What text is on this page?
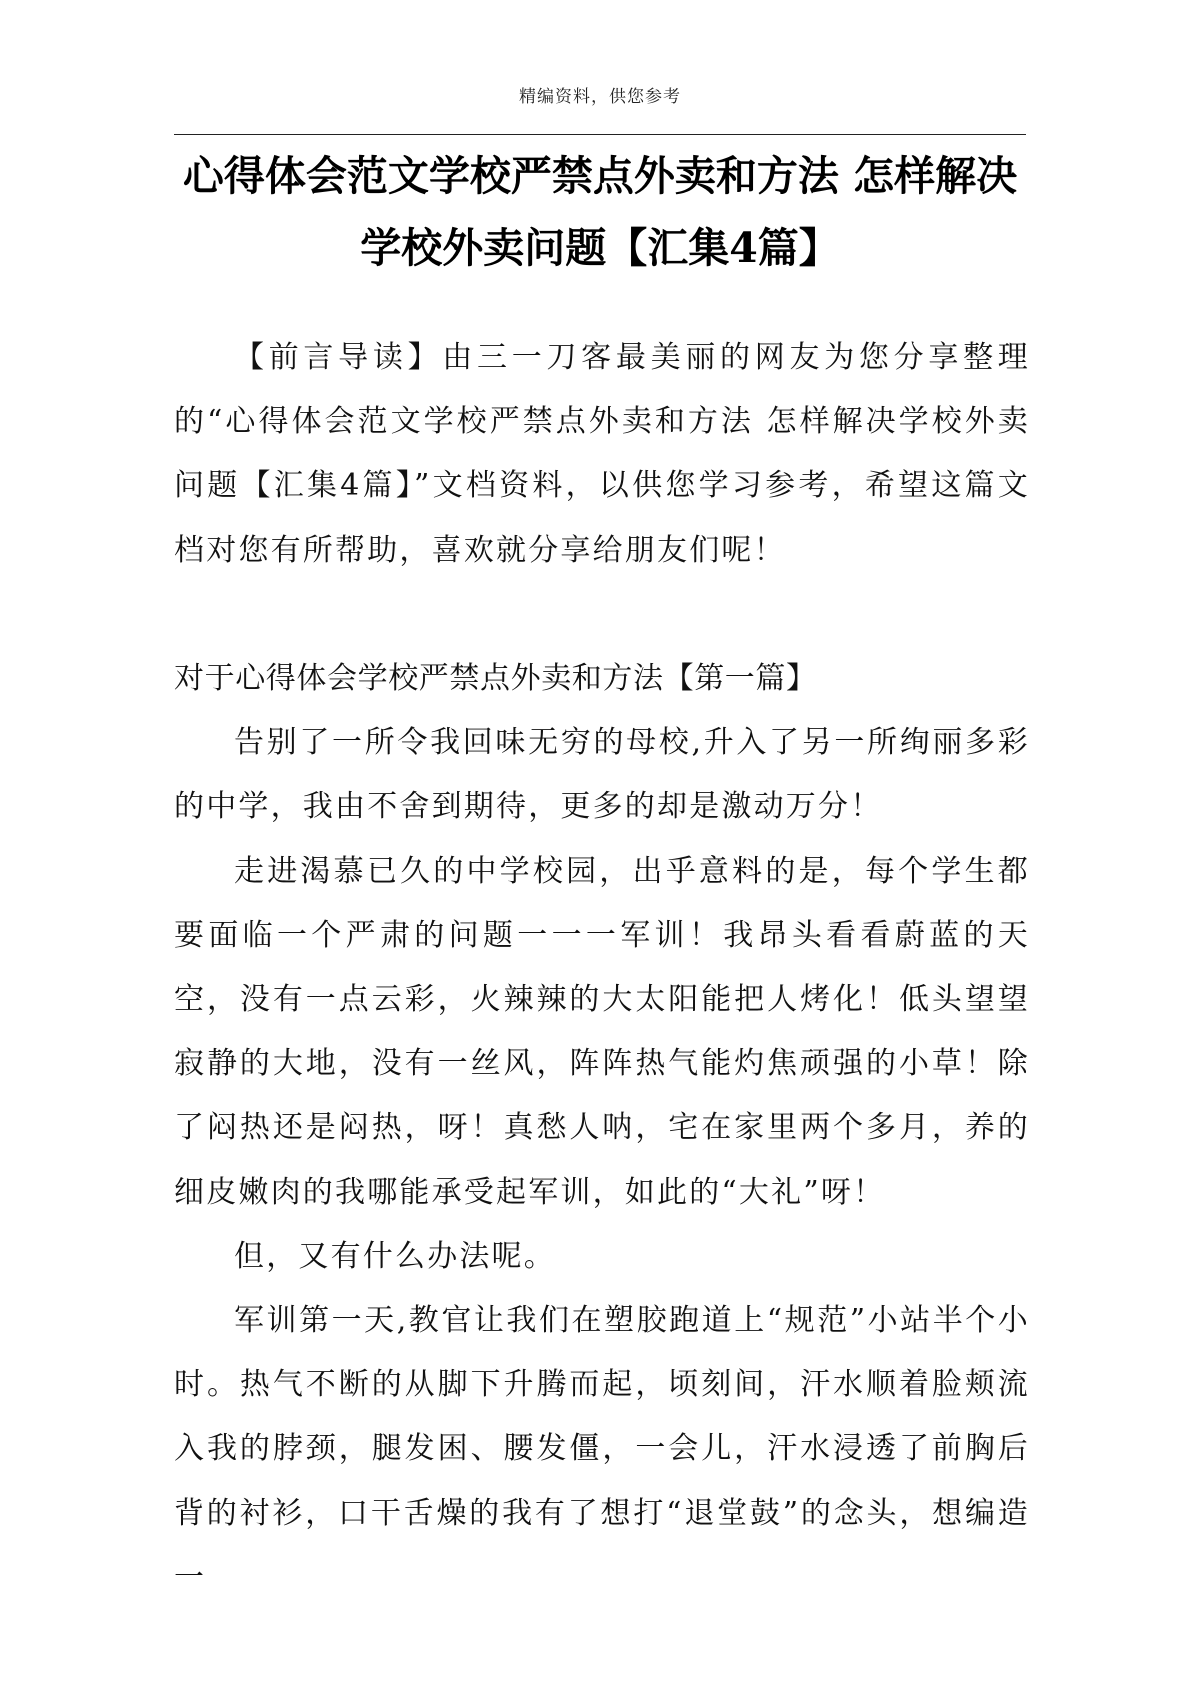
精编资料，供您参考
心得体会范文学校严禁点外卖和方法 怎样解决学校外卖问题【汇集4篇】

【前言导读】由三一刀客最美丽的网友为您分享整理的“心得体会范文学校严禁点外卖和方法 怎样解决学校外卖问题【汇集4篇】”文档资料，以供您学习参考，希望这篇文档对您有所帮助，喜欢就分享给朋友们呢！

对于心得体会学校严禁点外卖和方法【第一篇】

告别了一所令我回味无穷的母校,升入了另一所绚丽多彩的中学，我由不舍到期待，更多的却是激动万分！

走进渴慕已久的中学校园，出乎意料的是，每个学生都要面临一个严肃的问题一一一军训！我昂头看看蔚蓝的天空，没有一点云彩，火辣辣的大太阳能把人烤化！低头望望寂静的大地，没有一丝风，阵阵热气能灼焦顽强的小草！除了闷热还是闷热，呀！真愁人呐，宅在家里两个多月，养的细皮嫩肉的我哪能承受起军训，如此的“大礼”呀！

但，又有什么办法呢。

军训第一天,教官让我们在塑胶跑道上“规范”小站半个小时。热气不断的从脚下升腾而起，顷刻间，汗水顺着脸颊流入我的脖颈，腿发困、腰发僵，一会儿，汗水浸透了前胸后背的衬衫，口干舌燥的我有了想打“退堂鼓”的念头，想编造一
